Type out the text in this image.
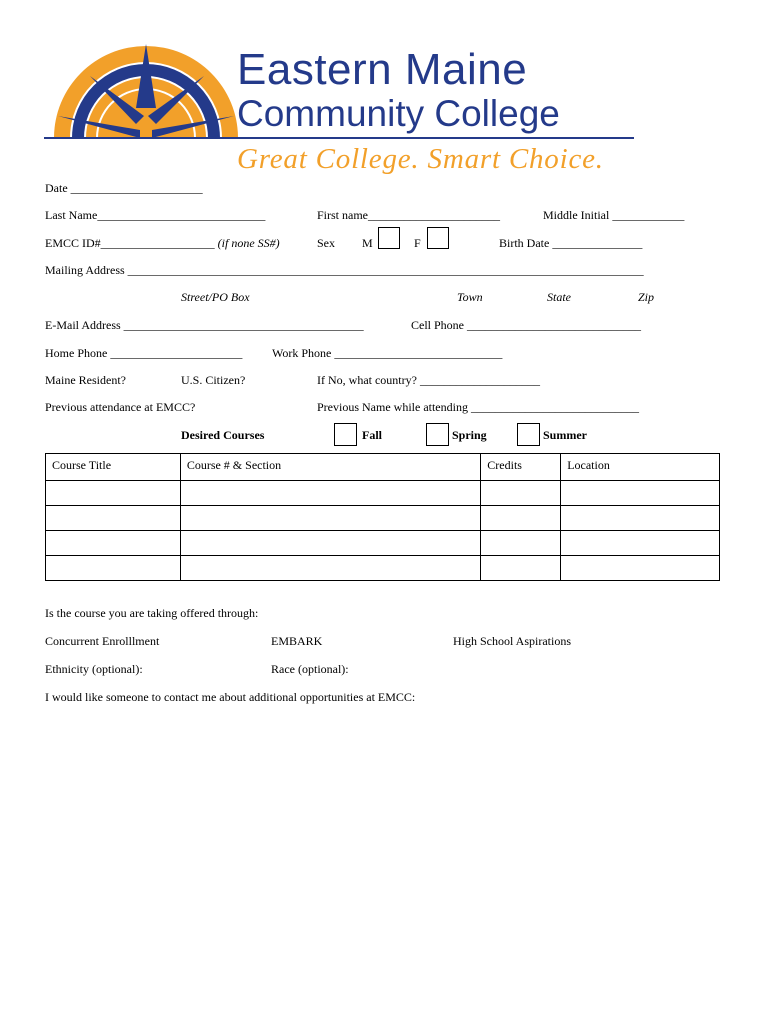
Eastern Maine
Community College
Great College. Smart Choice.
Date ______________________
Last Name____________________________	First name______________________	Middle Initial ____________
EMCC ID#___________________ (if none SS#)	Sex M	F	Birth Date _______________
Mailing Address ______________________________________________________________________________________
Street/PO Box	Town	State	Zip
E-Mail Address ________________________________________	Cell Phone _____________________________
Home Phone ______________________ Work Phone ____________________________
Maine Resident?	U.S. Citizen?	If No, what country? ____________________
Previous attendance at EMCC?	Previous Name while attending ____________________________
Desired Courses	Fall	Spring	Summer
Course Title	Course # & Section	Credits	Location

Is the course you are taking offered through:
Concurrent Enrolllment	EMBARK	High School Aspirations
Ethnicity (optional):	Race (optional):
I would like someone to contact me about additional opportunities at EMCC:
